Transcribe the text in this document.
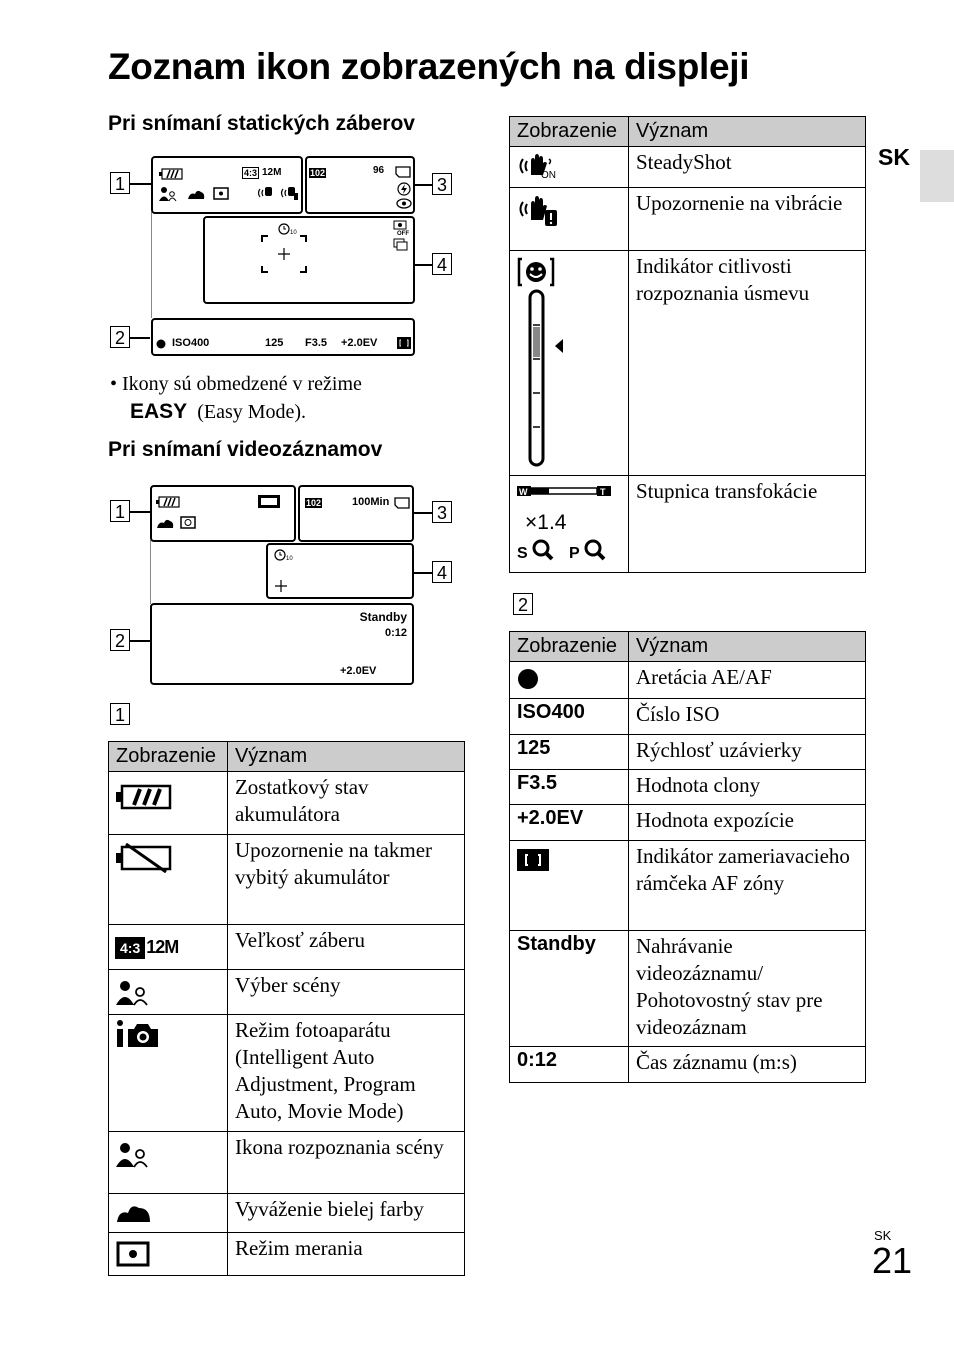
Zoznam ikon zobrazených na displeji
SK
Pri snímaní statických záberov
1
2
3
4
4:3 12M	102	96
10	OFF
ISO400	125 F3.5 +2.0EV
• Ikony sú obmedzené v režime
EASY (Easy Mode).
Pri snímaní videozáznamov
1
2
3
4
102	100Min
10
Standby
0:12
+2.0EV
1
Zobrazenie	Význam
	Zostatkový stav akumulátora
	Upozornenie na takmer vybitý akumulátor
4:3 12M	Veľkosť záberu
	Výber scény
	Režim fotoaparátu (Intelligent Auto Adjustment, Program Auto, Movie Mode)
	Ikona rozpoznania scény
	Vyváženie bielej farby
	Režim merania
Zobrazenie	Význam

ON	SteadyShot
	Upozornenie na vibrácie
	Indikátor citlivosti rozpoznania úsmevu

W T
×1.4
S P	Stupnica transfokácie
2
Zobrazenie	Význam
	Aretácia AE/AF
ISO400	Číslo ISO
125	Rýchlosť uzávierky
F3.5	Hodnota clony
+2.0EV	Hodnota expozície
	Indikátor zameriavacieho rámčeka AF zóny
Standby	Nahrávanie videozáznamu/ Pohotovostný stav pre videozáznam
0:12	Čas záznamu (m:s)
SK
21
